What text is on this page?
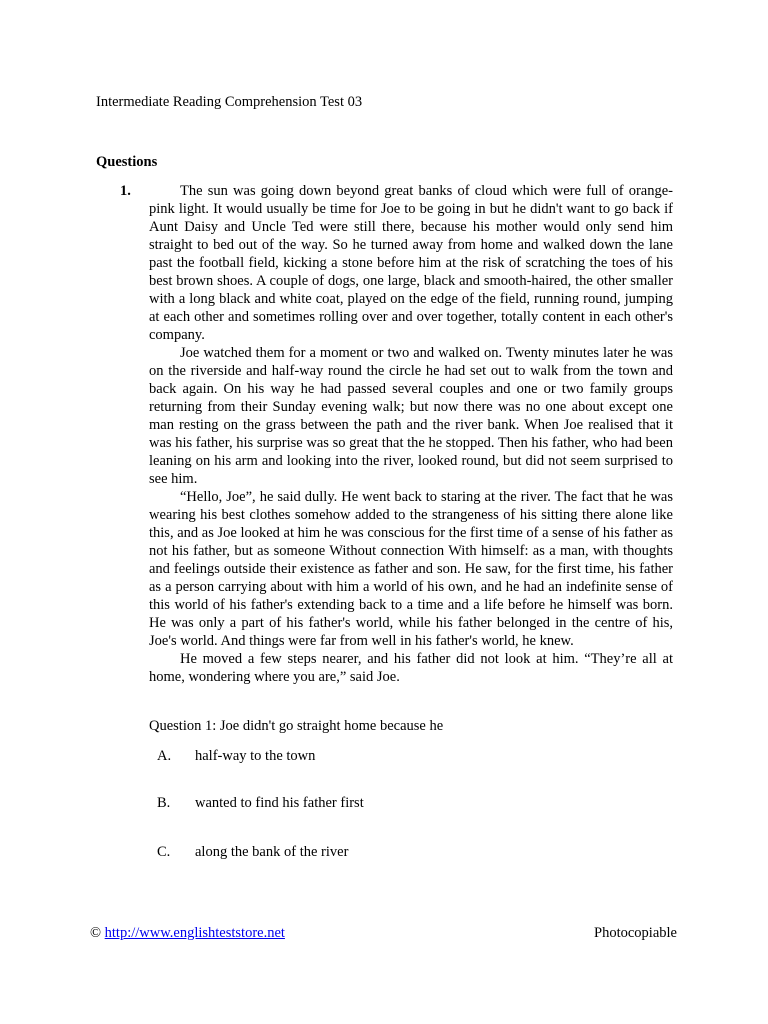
Intermediate Reading Comprehension Test 03
Questions
1.	The sun was going down beyond great banks of cloud which were full of orange-pink light. It would usually be time for Joe to be going in but he didn't want to go back if Aunt Daisy and Uncle Ted were still there, because his mother would only send him straight to bed out of the way. So he turned away from home and walked down the lane past the football field, kicking a stone before him at the risk of scratching the toes of his best brown shoes. A couple of dogs, one large, black and smooth-haired, the other smaller with a long black and white coat, played on the edge of the field, running round, jumping at each other and sometimes rolling over and over together, totally content in each other's company.

Joe watched them for a moment or two and walked on. Twenty minutes later he was on the riverside and half-way round the circle he had set out to walk from the town and back again. On his way he had passed several couples and one or two family groups returning from their Sunday evening walk; but now there was no one about except one man resting on the grass between the path and the river bank. When Joe realised that it was his father, his surprise was so great that the he stopped. Then his father, who had been leaning on his arm and looking into the river, looked round, but did not seem surprised to see him.

“Hello, Joe”, he said dully. He went back to staring at the river. The fact that he was wearing his best clothes somehow added to the strangeness of his sitting there alone like this, and as Joe looked at him he was conscious for the first time of a sense of his father as not his father, but as someone Without connection With himself: as a man, with thoughts and feelings outside their existence as father and son. He saw, for the first time, his father as a person carrying about with him a world of his own, and he had an indefinite sense of this world of his father's extending back to a time and a life before he himself was born. He was only a part of his father's world, while his father belonged in the centre of his, Joe's world. And things were far from well in his father's world, he knew.

He moved a few steps nearer, and his father did not look at him. “They’re all at home, wondering where you are,” said Joe.

Question 1: Joe didn't go straight home because he
A. half-way to the town
B. wanted to find his father first
C. along the bank of the river
© http://www.englishteststore.net	Photocopiable
